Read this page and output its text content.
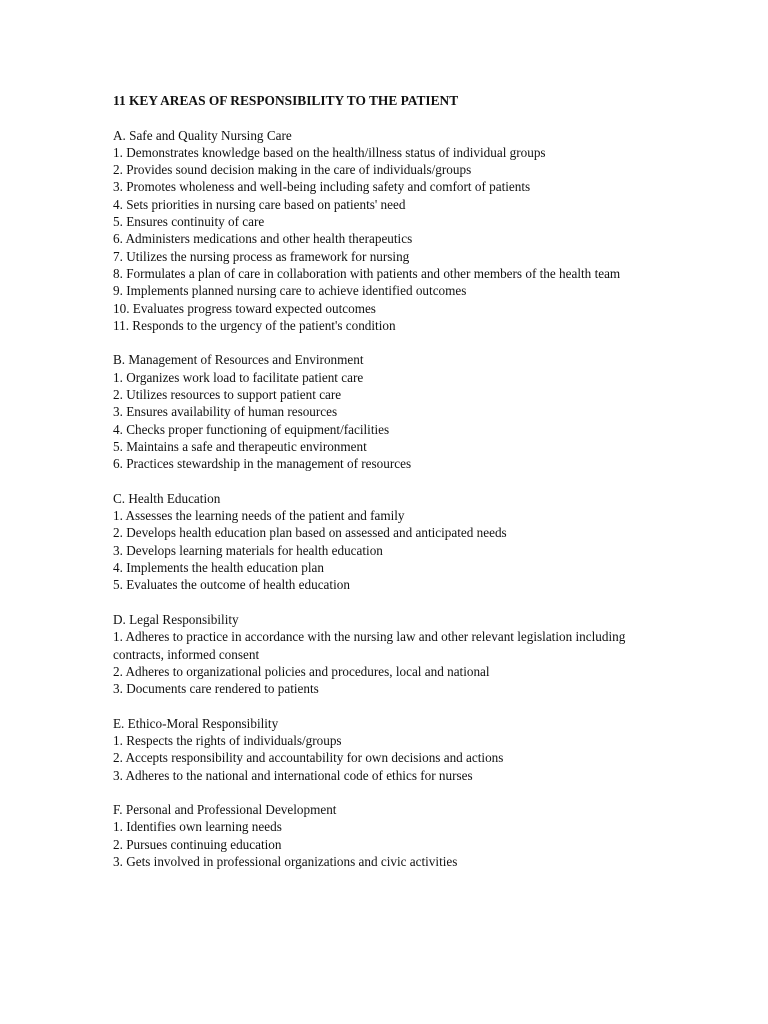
11 KEY AREAS OF RESPONSIBILITY TO THE PATIENT
A. Safe and Quality Nursing Care
1. Demonstrates knowledge based on the health/illness status of individual groups
2. Provides sound decision making in the care of individuals/groups
3. Promotes wholeness and well-being including safety and comfort of patients
4. Sets priorities in nursing care based on patients' need
5. Ensures continuity of care
6. Administers medications and other health therapeutics
7. Utilizes the nursing process as framework for nursing
8. Formulates a plan of care in collaboration with patients and other members of the health team
9. Implements planned nursing care to achieve identified outcomes
10. Evaluates progress toward expected outcomes
11. Responds to the urgency of the patient's condition
B. Management of Resources and Environment
1. Organizes work load to facilitate patient care
2. Utilizes resources to support patient care
3. Ensures availability of human resources
4. Checks proper functioning of equipment/facilities
5. Maintains a safe and therapeutic environment
6. Practices stewardship in the management of resources
C. Health Education
1. Assesses the learning needs of the patient and family
2. Develops health education plan based on assessed and anticipated needs
3. Develops learning materials for health education
4. Implements the health education plan
5. Evaluates the outcome of health education
D. Legal Responsibility
1. Adheres to practice in accordance with the nursing law and other relevant legislation including contracts, informed consent
2. Adheres to organizational policies and procedures, local and national
3. Documents care rendered to patients
E. Ethico-Moral Responsibility
1. Respects the rights of individuals/groups
2. Accepts responsibility and accountability for own decisions and actions
3. Adheres to the national and international code of ethics for nurses
F. Personal and Professional Development
1. Identifies own learning needs
2. Pursues continuing education
3. Gets involved in professional organizations and civic activities
